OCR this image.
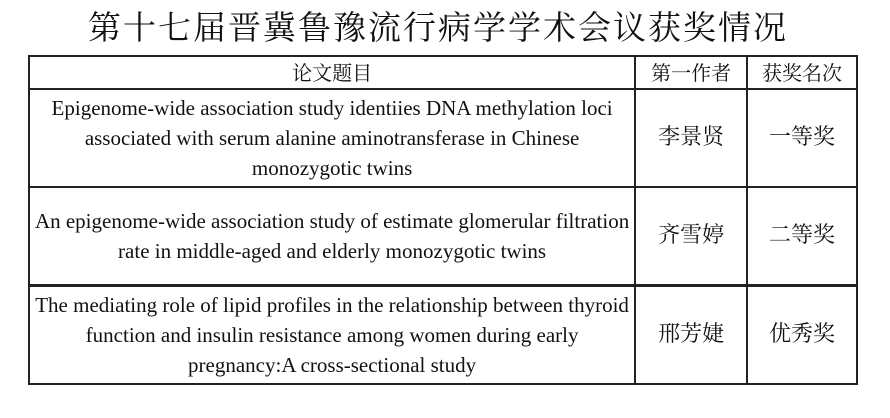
第十七届晋冀鲁豫流行病学学术会议获奖情况
论文题目	第一作者	获奖名次
Epigenome-wide association study identiies DNA methylation loci associated with serum alanine aminotransferase in Chinese monozygotic twins	李景贤	一等奖
An epigenome-wide association study of estimate glomerular filtration rate in middle-aged and elderly monozygotic twins	齐雪婷	二等奖
The mediating role of lipid profiles in the relationship between thyroid function and insulin resistance among women during early pregnancy:A cross-sectional study	邢芳婕	优秀奖
